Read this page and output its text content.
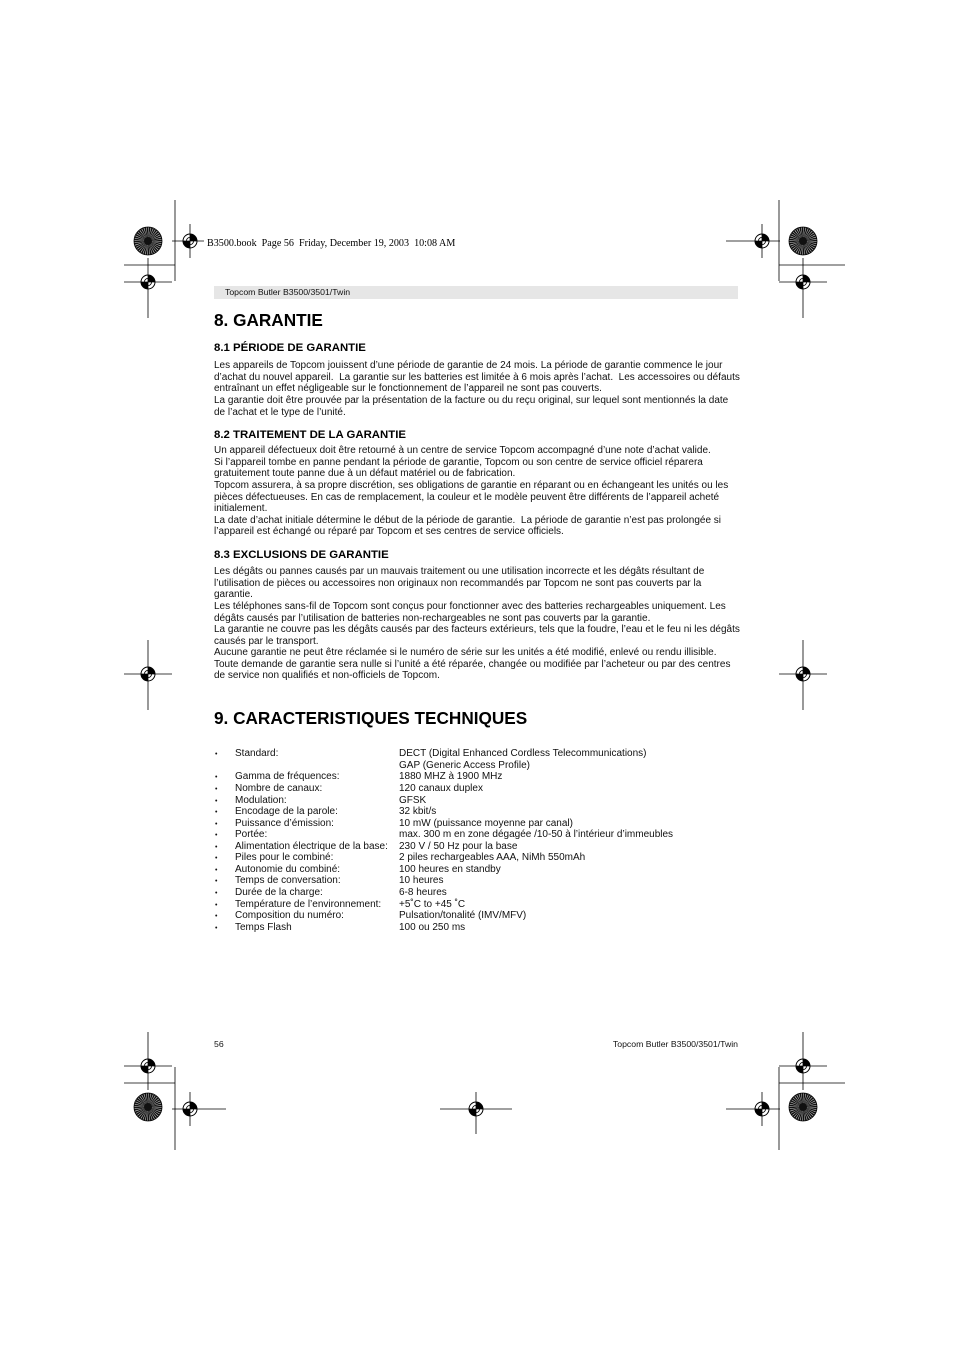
B3500.book  Page 56  Friday, December 19, 2003  10:08 AM
Topcom Butler B3500/3501/Twin
8. GARANTIE
8.1 PÉRIODE DE GARANTIE
Les appareils de Topcom jouissent d’une période de garantie de 24 mois. La période de garantie commence le jour
d’achat du nouvel appareil.  La garantie sur les batteries est limitée à 6 mois après l’achat.  Les accessoires ou défauts
entraînant un effet négligeable sur le fonctionnement de l’appareil ne sont pas couverts.
La garantie doit être prouvée par la présentation de la facture ou du reçu original, sur lequel sont mentionnés la date
de l’achat et le type de l’unité.
8.2 TRAITEMENT DE LA GARANTIE
Un appareil défectueux doit être retourné à un centre de service Topcom accompagné d’une note d’achat valide.
Si l’appareil tombe en panne pendant la période de garantie, Topcom ou son centre de service officiel réparera
gratuitement toute panne due à un défaut matériel ou de fabrication.
Topcom assurera, à sa propre discrétion, ses obligations de garantie en réparant ou en échangeant les unités ou les
pièces défectueuses. En cas de remplacement, la couleur et le modèle peuvent être différents de l’appareil acheté
initialement.
La date d’achat initiale détermine le début de la période de garantie.  La période de garantie n’est pas prolongée si
l’appareil est échangé ou réparé par Topcom et ses centres de service officiels.
8.3 EXCLUSIONS DE GARANTIE
Les dégâts ou pannes causés par un mauvais traitement ou une utilisation incorrecte et les dégâts résultant de
l’utilisation de pièces ou accessoires non originaux non recommandés par Topcom ne sont pas couverts par la
garantie.
Les téléphones sans-fil de Topcom sont conçus pour fonctionner avec des batteries rechargeables uniquement. Les
dégâts causés par l’utilisation de batteries non-rechargeables ne sont pas couverts par la garantie.
La garantie ne couvre pas les dégâts causés par des facteurs extérieurs, tels que la foudre, l’eau et le feu ni les dégâts
causés par le transport.
Aucune garantie ne peut être réclamée si le numéro de série sur les unités a été modifié, enlevé ou rendu illisible.
Toute demande de garantie sera nulle si l’unité a été réparée, changée ou modifiée par l’acheteur ou par des centres
de service non qualifiés et non-officiels de Topcom.
9. CARACTERISTIQUES TECHNIQUES
•	Standard:	DECT (Digital Enhanced Cordless Telecommunications)
GAP (Generic Access Profile)
•	Gamma de fréquences:	1880 MHZ à 1900 MHz
•	Nombre de canaux:	120 canaux duplex
•	Modulation:	GFSK
•	Encodage de la parole:	32 kbit/s
•	Puissance d’émission:	10 mW (puissance moyenne par canal)
•	Portée:	max. 300 m en zone dégagée /10-50 à l’intérieur d’immeubles
•	Alimentation électrique de la base:	230 V / 50 Hz pour la base
•	Piles pour le combiné:	2 piles rechargeables AAA, NiMh 550mAh
•	Autonomie du combiné:	100 heures en standby
•	Temps de conversation:	10 heures
•	Durée de la charge:	6-8 heures
•	Température de l’environnement:	+5˚C to +45 ˚C
•	Composition du numéro:	Pulsation/tonalité (IMV/MFV)
•	Temps Flash	100 ou 250 ms
56	Topcom Butler B3500/3501/Twin
